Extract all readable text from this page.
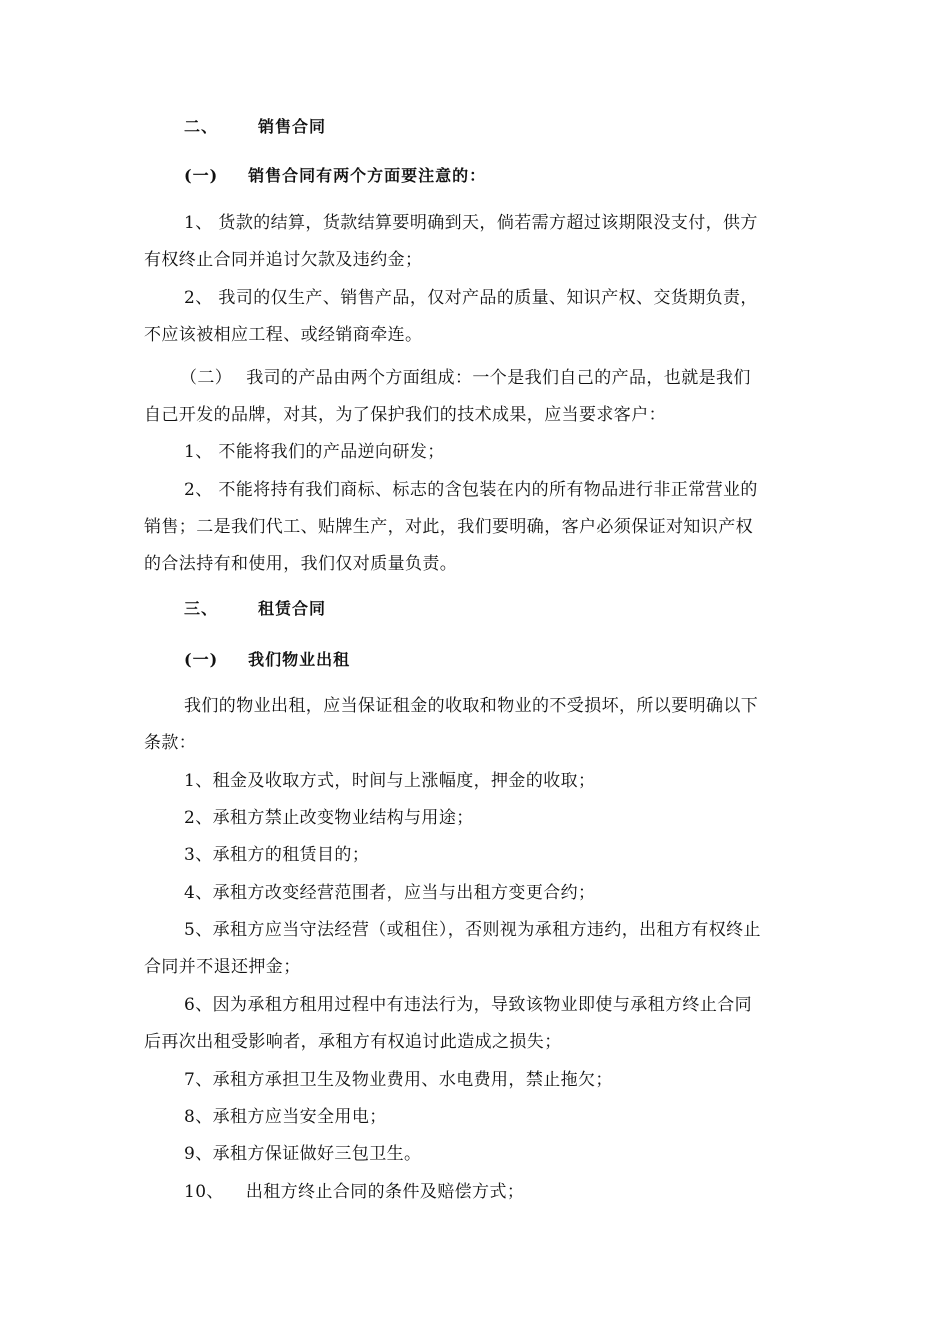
二、	销售合同
(一) 销售合同有两个方面要注意的：
1、 货款的结算，货款结算要明确到天，倘若需方超过该期限没支付，供方
有权终止合同并追讨欠款及违约金；
2、 我司的仅生产、销售产品，仅对产品的质量、知识产权、交货期负责，
不应该被相应工程、或经销商牵连。
（二） 我司的产品由两个方面组成：一个是我们自己的产品，也就是我们
自己开发的品牌，对其，为了保护我们的技术成果，应当要求客户：
1、 不能将我们的产品逆向研发；
2、 不能将持有我们商标、标志的含包装在内的所有物品进行非正常营业的
销售；二是我们代工、贴牌生产，对此，我们要明确，客户必须保证对知识产权
的合法持有和使用，我们仅对质量负责。
三、	租赁合同
(一) 我们物业出租
我们的物业出租，应当保证租金的收取和物业的不受损坏，所以要明确以下
条款：
1、租金及收取方式，时间与上涨幅度，押金的收取；
2、承租方禁止改变物业结构与用途；
3、承租方的租赁目的；
4、承租方改变经营范围者，应当与出租方变更合约；
5、承租方应当守法经营（或租住），否则视为承租方违约，出租方有权终止
合同并不退还押金；
6、因为承租方租用过程中有违法行为，导致该物业即使与承租方终止合同
后再次出租受影响者，承租方有权追讨此造成之损失；
7、承租方承担卫生及物业费用、水电费用，禁止拖欠；
8、承租方应当安全用电；
9、承租方保证做好三包卫生。
10、 出租方终止合同的条件及赔偿方式；
